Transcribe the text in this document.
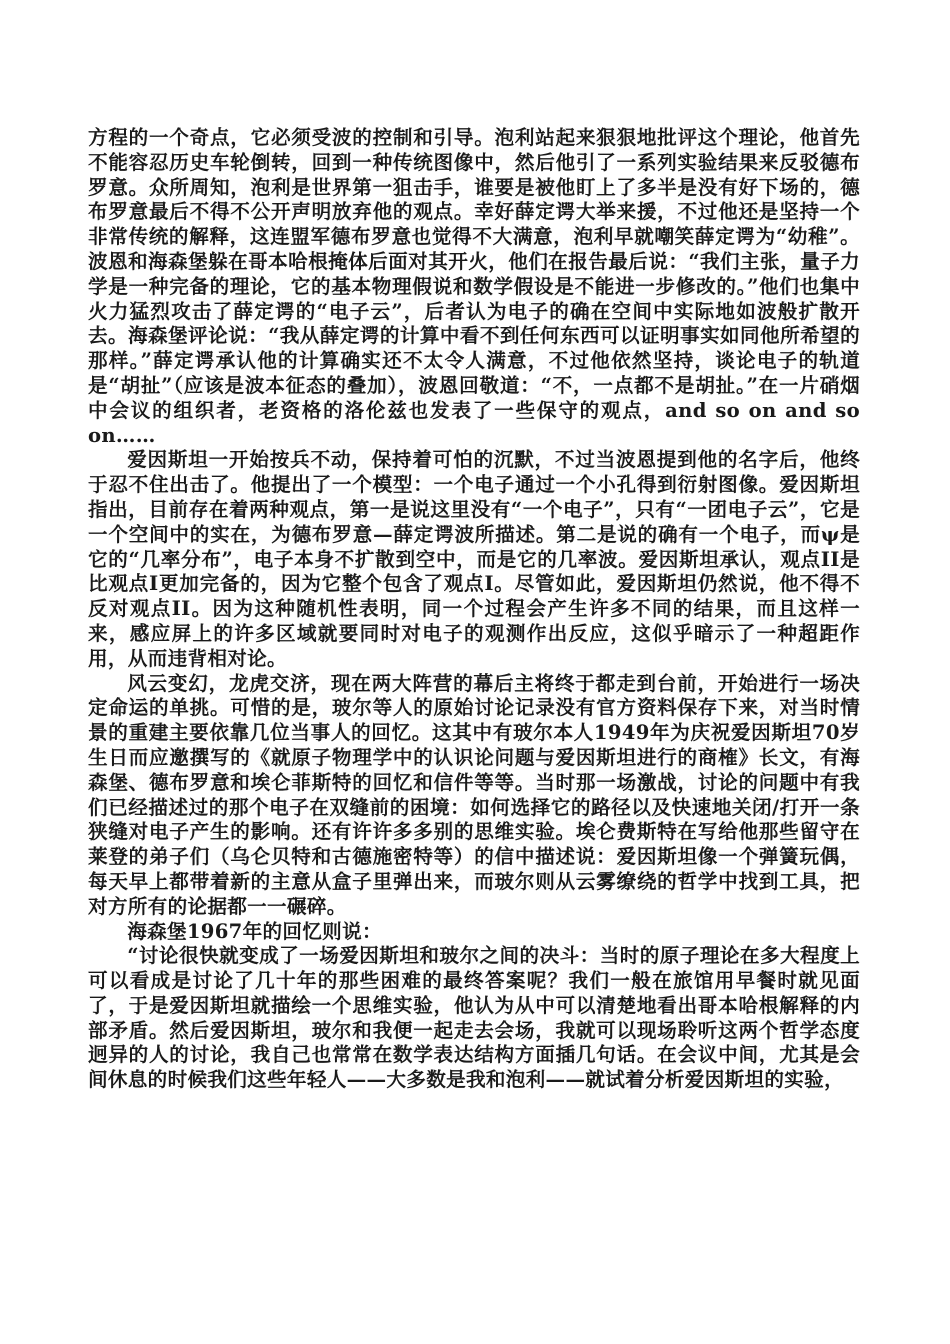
方程的一个奇点，它必须受波的控制和引导。泡利站起来狠狠地批评这个理论，他首先不能容忍历史车轮倒转，回到一种传统图像中，然后他引了一系列实验结果来反驳德布罗意。众所周知，泡利是世界第一狙击手，谁要是被他盯上了多半是没有好下场的，德布罗意最后不得不公开声明放弃他的观点。幸好薛定谔大举来援，不过他还是坚持一个非常传统的解释，这连盟军德布罗意也觉得不大满意，泡利早就嘲笑薛定谔为“幼稚”。波恩和海森堡躲在哥本哈根掩体后面对其开火，他们在报告最后说：“我们主张，量子力学是一种完备的理论，它的基本物理假说和数学假设是不能进一步修改的。”他们也集中火力猛烈攻击了薛定谔的“电子云”，后者认为电子的确在空间中实际地如波般扩散开去。海森堡评论说：“我从薛定谔的计算中看不到任何东西可以证明事实如同他所希望的那样。”薛定谔承认他的计算确实还不太令人满意，不过他依然坚持，谈论电子的轨道是“胡扯”（应该是波本征态的叠加），波恩回敬道：“不，一点都不是胡扯。”在一片硝烟中会议的组织者，老资格的洛伦兹也发表了一些保守的观点，and so on and so on……

爱因斯坦一开始按兵不动，保持着可怕的沉默，不过当波恩提到他的名字后，他终于忍不住出击了。他提出了一个模型：一个电子通过一个小孔得到衍射图像。爱因斯坦指出，目前存在着两种观点，第一是说这里没有“一个电子”，只有“一团电子云”，它是一个空间中的实在，为德布罗意—薛定谔波所描述。第二是说的确有一个电子，而ψ是它的“几率分布”，电子本身不扩散到空中，而是它的几率波。爱因斯坦承认，观点II是比观点I更加完备的，因为它整个包含了观点I。尽管如此，爱因斯坦仍然说，他不得不反对观点II。因为这种随机性表明，同一个过程会产生许多不同的结果，而且这样一来，感应屏上的许多区域就要同时对电子的观测作出反应，这似乎暗示了一种超距作用，从而违背相对论。

风云变幻，龙虎交济，现在两大阵营的幕后主将终于都走到台前，开始进行一场决定命运的单挑。可惜的是，玻尔等人的原始讨论记录没有官方资料保存下来，对当时情景的重建主要依靠几位当事人的回忆。这其中有玻尔本人1949年为庆祝爱因斯坦70岁生日而应邀撰写的《就原子物理学中的认识论问题与爱因斯坦进行的商榷》长文，有海森堡、德布罗意和埃仑菲斯特的回忆和信件等等。当时那一场激战，讨论的问题中有我们已经描述过的那个电子在双缝前的困境：如何选择它的路径以及快速地关闭/打开一条狭缝对电子产生的影响。还有许许多多别的思维实验。埃仑费斯特在写给他那些留守在莱登的弟子们（乌仑贝特和古德施密特等）的信中描述说：爱因斯坦像一个弹簧玩偶，每天早上都带着新的主意从盒子里弹出来，而玻尔则从云雾缭绕的哲学中找到工具，把对方所有的论据都一一碾碎。

海森堡1967年的回忆则说：

“讨论很快就变成了一场爱因斯坦和玻尔之间的决斗：当时的原子理论在多大程度上可以看成是讨论了几十年的那些困难的最终答案呢？我们一般在旅馆用早餐时就见面了，于是爱因斯坦就描绘一个思维实验，他认为从中可以清楚地看出哥本哈根解释的内部矛盾。然后爱因斯坦，玻尔和我便一起走去会场，我就可以现场聆听这两个哲学态度迥异的人的讨论，我自己也常常在数学表达结构方面插几句话。在会议中间，尤其是会间休息的时候我们这些年轻人——大多数是我和泡利——就试着分析爱因斯坦的实验，
